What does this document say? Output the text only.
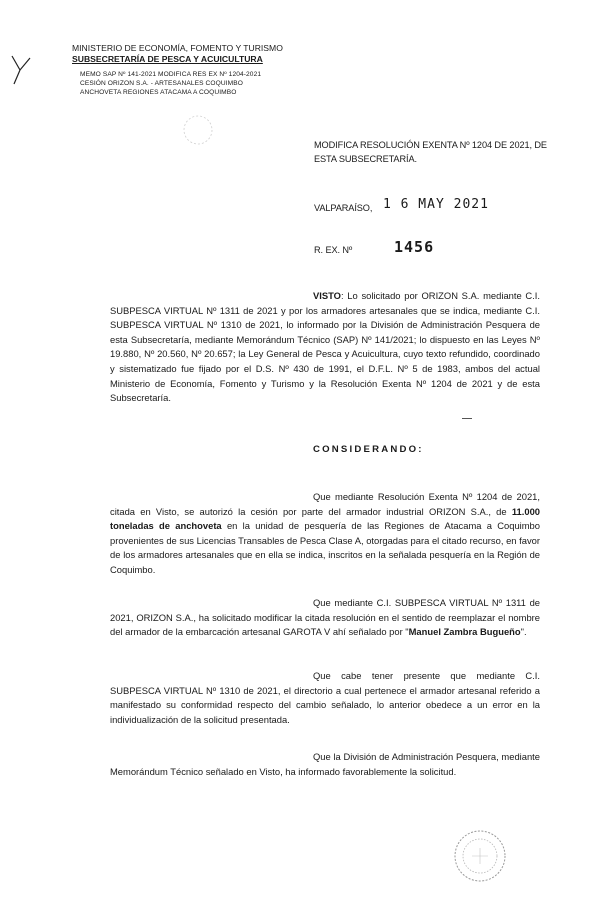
MINISTERIO DE ECONOMÍA, FOMENTO Y TURISMO
SUBSECRETARÍA DE PESCA Y ACUICULTURA
MEMO SAP Nº 141-2021 MODIFICA RES EX Nº 1204-2021
CESIÓN ORIZON S.A. - ARTESANALES COQUIMBO
ANCHOVETA REGIONES ATACAMA A COQUIMBO
MODIFICA RESOLUCIÓN EXENTA Nº 1204 DE 2021, DE ESTA SUBSECRETARÍA.
VALPARAÍSO, 1 6 MAY 2021
R. EX. Nº	1456
VISTO: Lo solicitado por ORIZON S.A. mediante C.I. SUBPESCA VIRTUAL Nº 1311 de 2021 y por los armadores artesanales que se indica, mediante C.I. SUBPESCA VIRTUAL Nº 1310 de 2021, lo informado por la División de Administración Pesquera de esta Subsecretaría, mediante Memorándum Técnico (SAP) Nº 141/2021; lo dispuesto en las Leyes Nº 19.880, Nº 20.560, Nº 20.657; la Ley General de Pesca y Acuicultura, cuyo texto refundido, coordinado y sistematizado fue fijado por el D.S. Nº 430 de 1991, el D.F.L. Nº 5 de 1983, ambos del actual Ministerio de Economía, Fomento y Turismo y la Resolución Exenta Nº 1204 de 2021 y de esta Subsecretaría.
CONSIDERANDO:
Que mediante Resolución Exenta Nº 1204 de 2021, citada en Visto, se autorizó la cesión por parte del armador industrial ORIZON S.A., de 11.000 toneladas de anchoveta en la unidad de pesquería de las Regiones de Atacama a Coquimbo provenientes de sus Licencias Transables de Pesca Clase A, otorgadas para el citado recurso, en favor de los armadores artesanales que en ella se indica, inscritos en la señalada pesquería en la Región de Coquimbo.
Que mediante C.I. SUBPESCA VIRTUAL Nº 1311 de 2021, ORIZON S.A., ha solicitado modificar la citada resolución en el sentido de reemplazar el nombre del armador de la embarcación artesanal GAROTA V ahí señalado por "Manuel Zambra Bugueño".
Que cabe tener presente que mediante C.I. SUBPESCA VIRTUAL Nº 1310 de 2021, el directorio a cual pertenece el armador artesanal referido a manifestado su conformidad respecto del cambio señalado, lo anterior obedece a un error en la individualización de la solicitud presentada.
Que la División de Administración Pesquera, mediante Memorándum Técnico señalado en Visto, ha informado favorablemente la solicitud.
